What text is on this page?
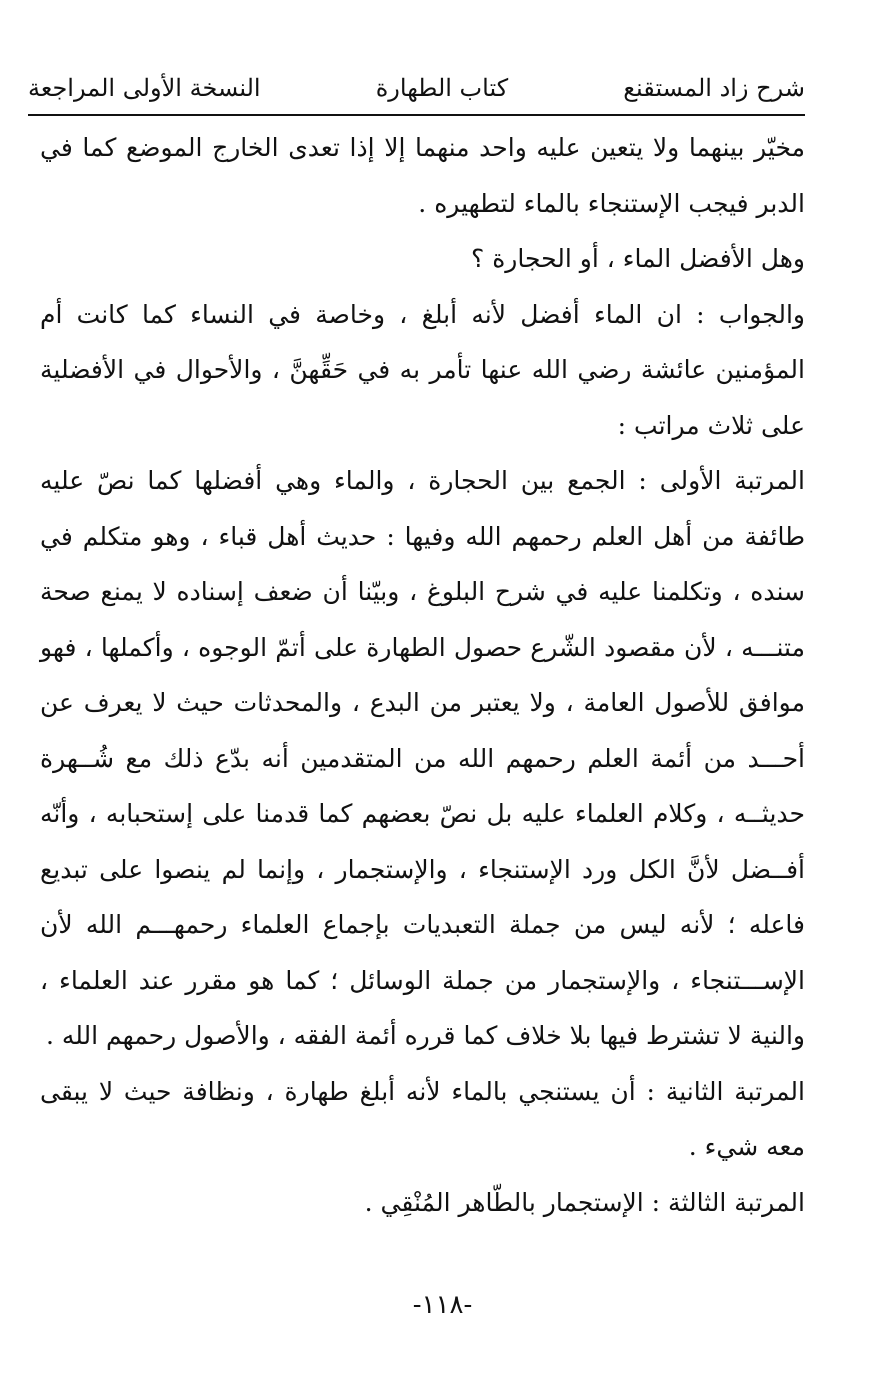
شرح زاد المستقنع
كتاب الطهارة
النسخة الأولى المراجعة

مخيّر بينهما ولا يتعين عليه واحد منهما إلا إذا تعدى الخارج الموضع كما في الدبر فيجب الإستنجاء بالماء لتطهيره .

وهل الأفضل الماء ، أو الحجارة ؟

والجواب : ان الماء أفضل لأنه أبلغ ، وخاصة في النساء كما كانت أم المؤمنين عائشة رضي الله عنها تأمر به في حَقِّهنَّ ، والأحوال في الأفضلية على ثلاث مراتب :

المرتبة الأولى : الجمع بين الحجارة ، والماء وهي أفضلها كما نصّ عليه طائفة من أهل العلم رحمهم الله وفيها : حديث أهل قباء ، وهو متكلم في سنده ، وتكلمنا عليه في شرح البلوغ ، وبيّنا أن ضعف إسناده لا يمنع صحة متنـــه ، لأن مقصود الشّرع حصول الطهارة على أتمّ الوجوه ، وأكملها ، فهو موافق للأصول العامة ، ولا يعتبر من البدع ، والمحدثات حيث لا يعرف عن أحـــد من أئمة العلم رحمهم الله من المتقدمين أنه بدّع ذلك مع شُــهرة حديثــه ، وكلام العلماء عليه بل نصّ بعضهم كما قدمنا على إستحبابه ، وأنّه أفــضل لأنَّ الكل ورد الإستنجاء ، والإستجمار ، وإنما لم ينصوا على تبديع فاعله ؛ لأنه ليس من جملة التعبديات بإجماع العلماء رحمهـــم الله لأن الإســـتنجاء ، والإستجمار من جملة الوسائل ؛ كما هو مقرر عند العلماء ، والنية لا تشترط فيها بلا خلاف كما قرره أئمة الفقه ، والأصول رحمهم الله .

المرتبة الثانية : أن يستنجي بالماء لأنه أبلغ طهارة ، ونظافة حيث لا يبقى معه شيء .

المرتبة الثالثة : الإستجمار بالطّاهر المُنْقِي .

-١١٨-
